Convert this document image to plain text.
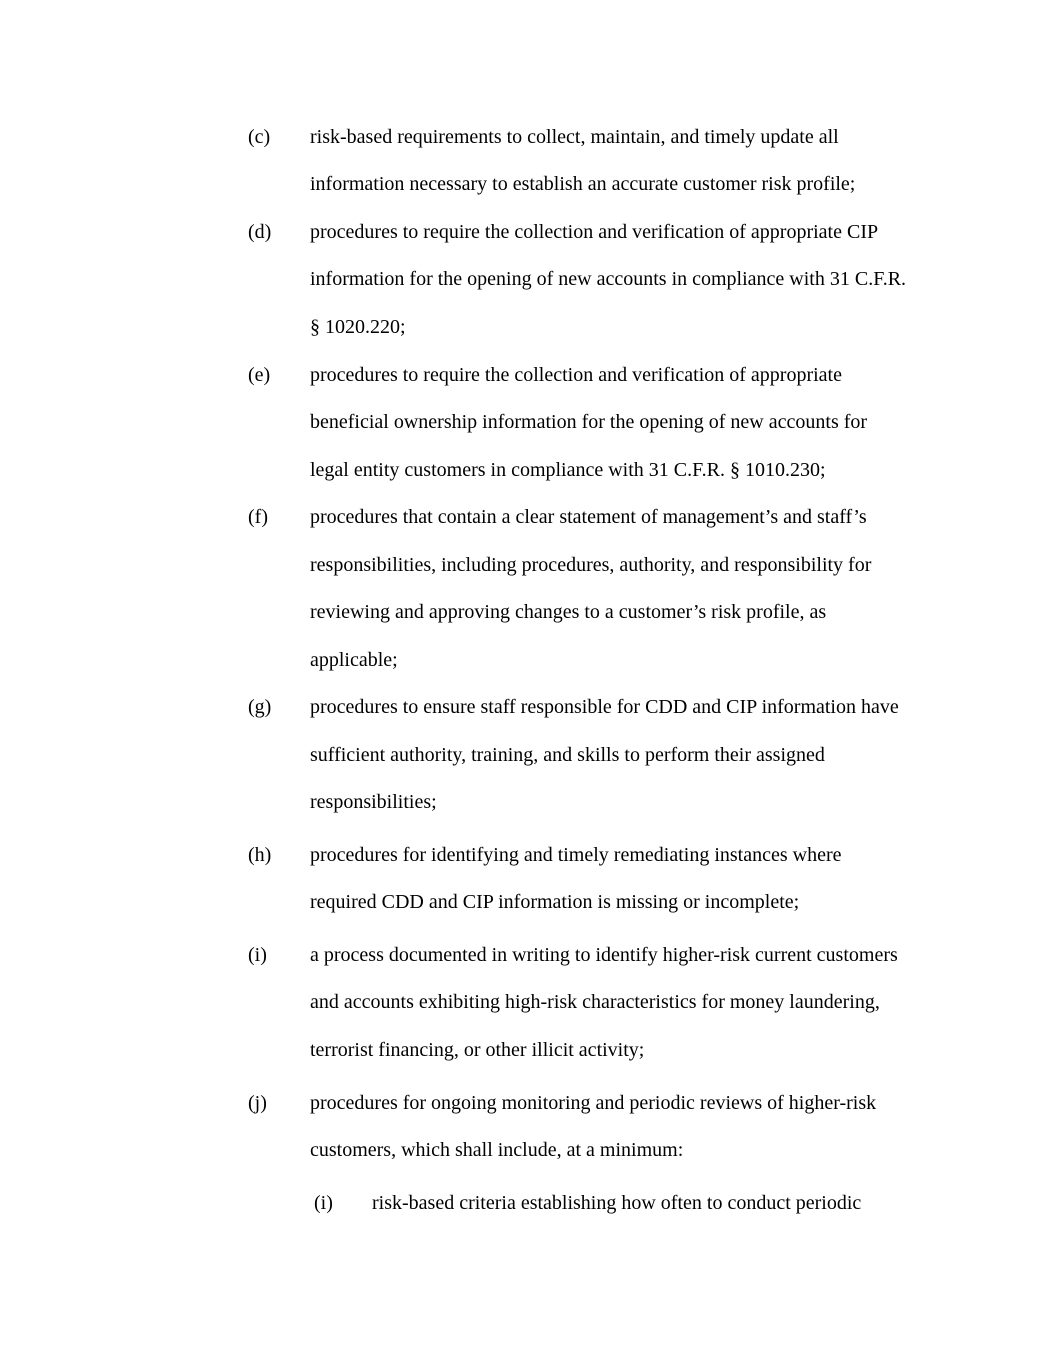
(c) risk-based requirements to collect, maintain, and timely update all
information necessary to establish an accurate customer risk profile;
(d) procedures to require the collection and verification of appropriate CIP
information for the opening of new accounts in compliance with 31 C.F.R.
§ 1020.220;
(e) procedures to require the collection and verification of appropriate
beneficial ownership information for the opening of new accounts for
legal entity customers in compliance with 31 C.F.R. § 1010.230;
(f) procedures that contain a clear statement of management’s and staff’s
responsibilities, including procedures, authority, and responsibility for
reviewing and approving changes to a customer’s risk profile, as
applicable;
(g) procedures to ensure staff responsible for CDD and CIP information have
sufficient authority, training, and skills to perform their assigned
responsibilities;
(h) procedures for identifying and timely remediating instances where
required CDD and CIP information is missing or incomplete;
(i) a process documented in writing to identify higher-risk current customers
and accounts exhibiting high-risk characteristics for money laundering,
terrorist financing, or other illicit activity;
(j) procedures for ongoing monitoring and periodic reviews of higher-risk
customers, which shall include, at a minimum:
(i) risk-based criteria establishing how often to conduct periodic
